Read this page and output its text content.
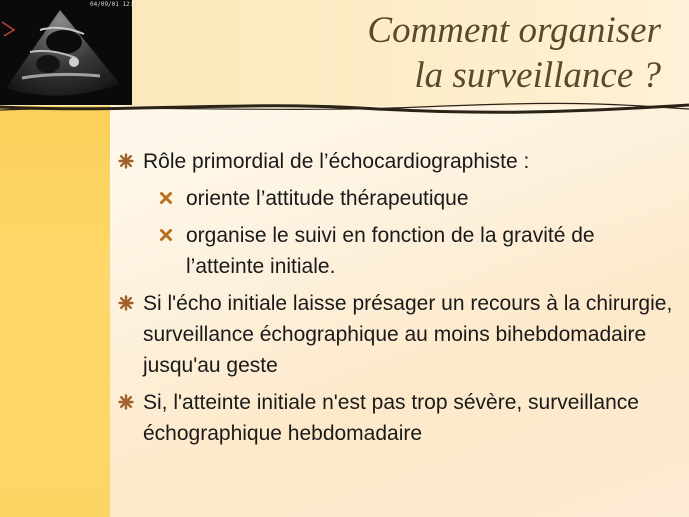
04/09/01 12:3
Comment organiser
la surveillance ?
Rôle primordial de l’échocardiographiste :
oriente l’attitude thérapeutique
organise le suivi en fonction de la gravité de l’atteinte initiale.
Si l'écho initiale laisse présager un recours à la chirurgie, surveillance échographique au moins bihebdomadaire jusqu'au geste
Si, l'atteinte initiale n'est pas trop sévère, surveillance échographique hebdomadaire
